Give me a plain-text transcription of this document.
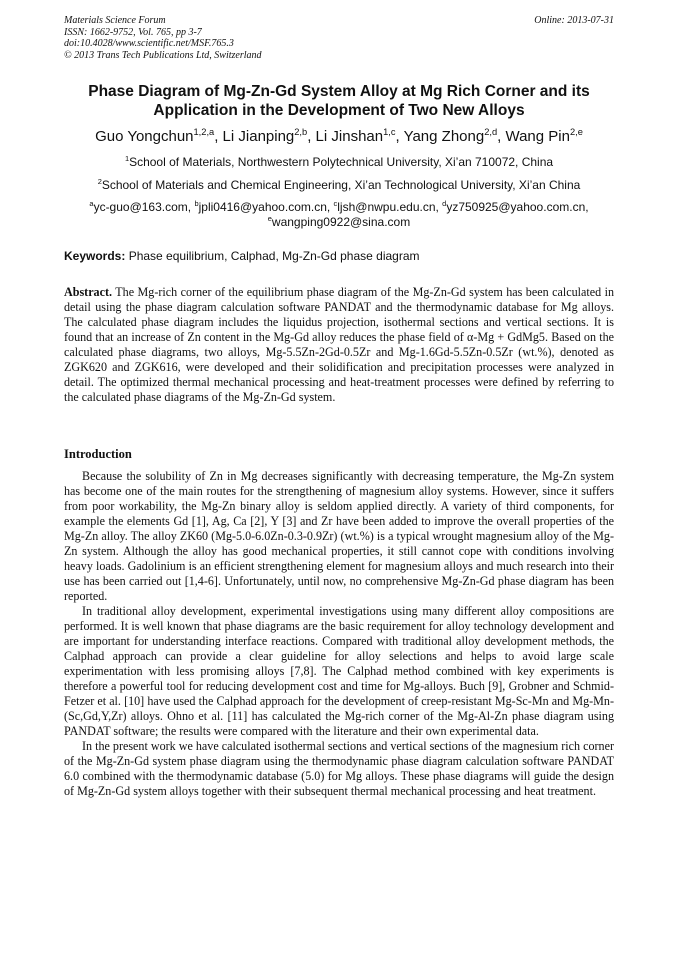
Materials Science Forum
ISSN: 1662-9752, Vol. 765, pp 3-7
doi:10.4028/www.scientific.net/MSF.765.3
© 2013 Trans Tech Publications Ltd, Switzerland
Online: 2013-07-31
Phase Diagram of Mg-Zn-Gd System Alloy at Mg Rich Corner and its
Application in the Development of Two New Alloys
Guo Yongchun$^{1,2,a}$, Li Jianping$^{2,b}$, Li Jinshan$^{1,c}$, Yang Zhong$^{2,d}$, Wang Pin$^{2,e}$
$^1$School of Materials, Northwestern Polytechnical University, Xi’an 710072, China
$^2$School of Materials and Chemical Engineering, Xi’an Technological University, Xi’an China
$^a$yc-guo@163.com, $^b$jpli0416@yahoo.com.cn, $^c$ljsh@nwpu.edu.cn, $^d$yz750925@yahoo.com.cn,
$^e$wangping0922@sina.com
Keywords: Phase equilibrium, Calphad, Mg-Zn-Gd phase diagram
Abstract. The Mg-rich corner of the equilibrium phase diagram of the Mg-Zn-Gd system has been calculated in detail using the phase diagram calculation software PANDAT and the thermodynamic database for Mg alloys. The calculated phase diagram includes the liquidus projection, isothermal sections and vertical sections. It is found that an increase of Zn content in the Mg-Gd alloy reduces the phase field of α-Mg + GdMg5. Based on the calculated phase diagrams, two alloys, Mg-5.5Zn-2Gd-0.5Zr and Mg-1.6Gd-5.5Zn-0.5Zr (wt.%), denoted as ZGK620 and ZGK616, were developed and their solidification and precipitation processes were analyzed in detail. The optimized thermal mechanical processing and heat-treatment processes were defined by referring to the calculated phase diagrams of the Mg-Zn-Gd system.
Introduction

Because the solubility of Zn in Mg decreases significantly with decreasing temperature, the Mg-Zn system has become one of the main routes for the strengthening of magnesium alloy systems. However, since it suffers from poor workability, the Mg-Zn binary alloy is seldom applied directly. A variety of third components, for example the elements Gd [1], Ag, Ca [2], Y [3] and Zr have been added to improve the overall properties of the Mg-Zn alloy. The alloy ZK60 (Mg-5.0-6.0Zn-0.3-0.9Zr) (wt.%) is a typical wrought magnesium alloy of the Mg-Zn system. Although the alloy has good mechanical properties, it still cannot cope with conditions involving heavy loads. Gadolinium is an efficient strengthening element for magnesium alloys and much research into their use has been carried out [1,4-6]. Unfortunately, until now, no comprehensive Mg-Zn-Gd phase diagram has been reported.

In traditional alloy development, experimental investigations using many different alloy compositions are performed. It is well known that phase diagrams are the basic requirement for alloy technology development and are important for understanding interface reactions. Compared with traditional alloy development methods, the Calphad approach can provide a clear guideline for alloy selections and helps to avoid large scale experimentation with less promising alloys [7,8]. The Calphad method combined with key experiments is therefore a powerful tool for reducing development cost and time for Mg-alloys. Buch [9], Grobner and Schmid-Fetzer et al. [10] have used the Calphad approach for the development of creep-resistant Mg-Sc-Mn and Mg-Mn-(Sc,Gd,Y,Zr) alloys. Ohno et al. [11] has calculated the Mg-rich corner of the Mg-Al-Zn phase diagram using PANDAT software; the results were compared with the literature and their own experimental data.

In the present work we have calculated isothermal sections and vertical sections of the magnesium rich corner of the Mg-Zn-Gd system phase diagram using the thermodynamic phase diagram calculation software PANDAT 6.0 combined with the thermodynamic database (5.0) for Mg alloys. These phase diagrams will guide the design of Mg-Zn-Gd system alloys together with their subsequent thermal mechanical processing and heat treatment.
